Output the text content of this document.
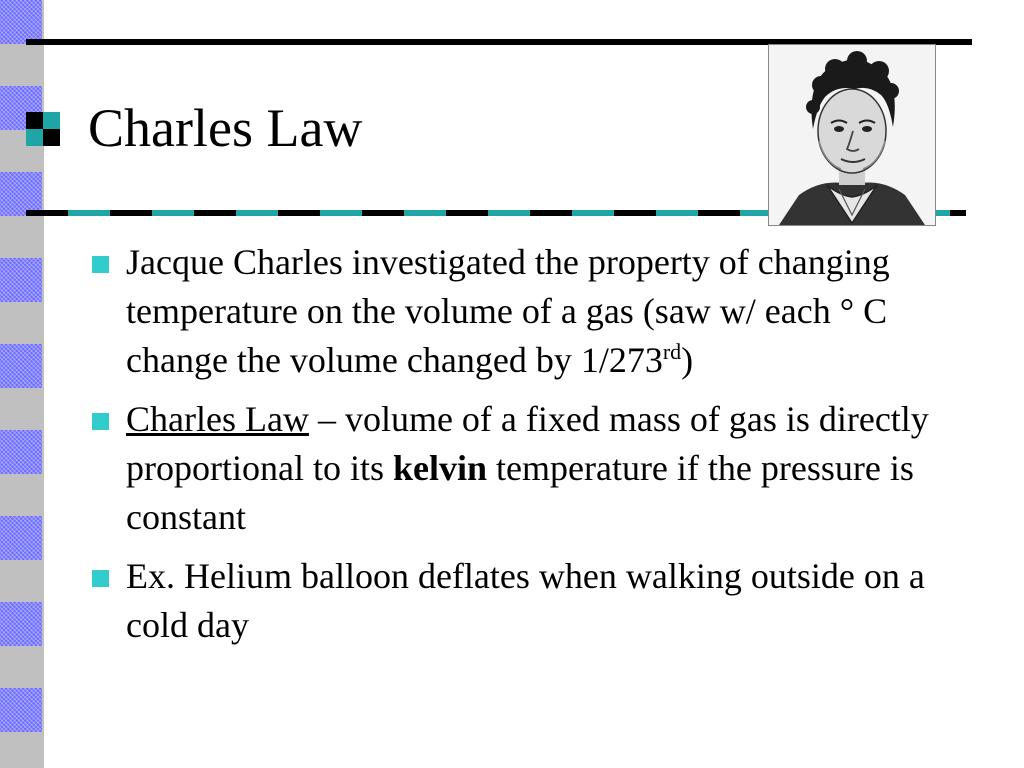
Charles Law
Jacque Charles investigated the property of changing temperature on the volume of a gas (saw w/ each ° C change the volume changed by 1/273rd)
Charles Law – volume of a fixed mass of gas is directly proportional to its kelvin temperature if the pressure is constant
Ex. Helium balloon deflates when walking outside on a cold day
